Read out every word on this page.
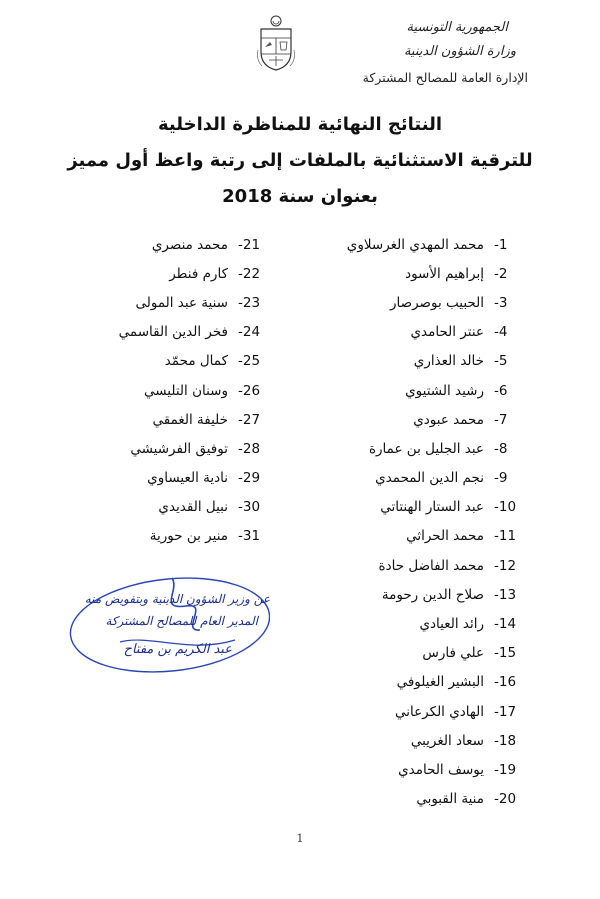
الجمهورية التونسية
وزارة الشؤون الدينية
الإدارة العامة للمصالح المشتركة
النتائج النهائية للمناظرة الداخلية
للترقية الاستثنائية بالملفات إلى رتبة واعظ أول مميز
بعنوان سنة 2018
-1
محمد المهدي الغرسلاوي
-2
إبراهيم الأسود
-3
الحبيب بوصرصار
-4
عنتر الحامدي
-5
خالد العذاري
-6
رشيد الشتيوي
-7
محمد عبودي
-8
عبد الجليل بن عمارة
-9
نجم الدين المحمدي
-10
عبد الستار الهنتاتي
-11
محمد الحراثي
-12
محمد الفاضل حادة
-13
صلاح الدين رحومة
-14
رائد العيادي
-15
علي فارس
-16
البشير الغيلوفي
-17
الهادي الكرعاني
-18
سعاد الغريبي
-19
يوسف الحامدي
-20
منية القبوبي
-21
محمد منصري
-22
كارم فنطر
-23
سنية عبد المولى
-24
فخر الدين القاسمي
-25
كمال محمّد
-26
وسنان التليسي
-27
خليفة الغمقي
-28
توفيق الفرشيشي
-29
نادية العيساوي
-30
نبيل القديدي
-31
منير بن حورية
عن وزير الشؤون الدينية وبتفويض منه
المدير العام للمصالح المشتركة
عبد الكريم بن مفتاح
1
